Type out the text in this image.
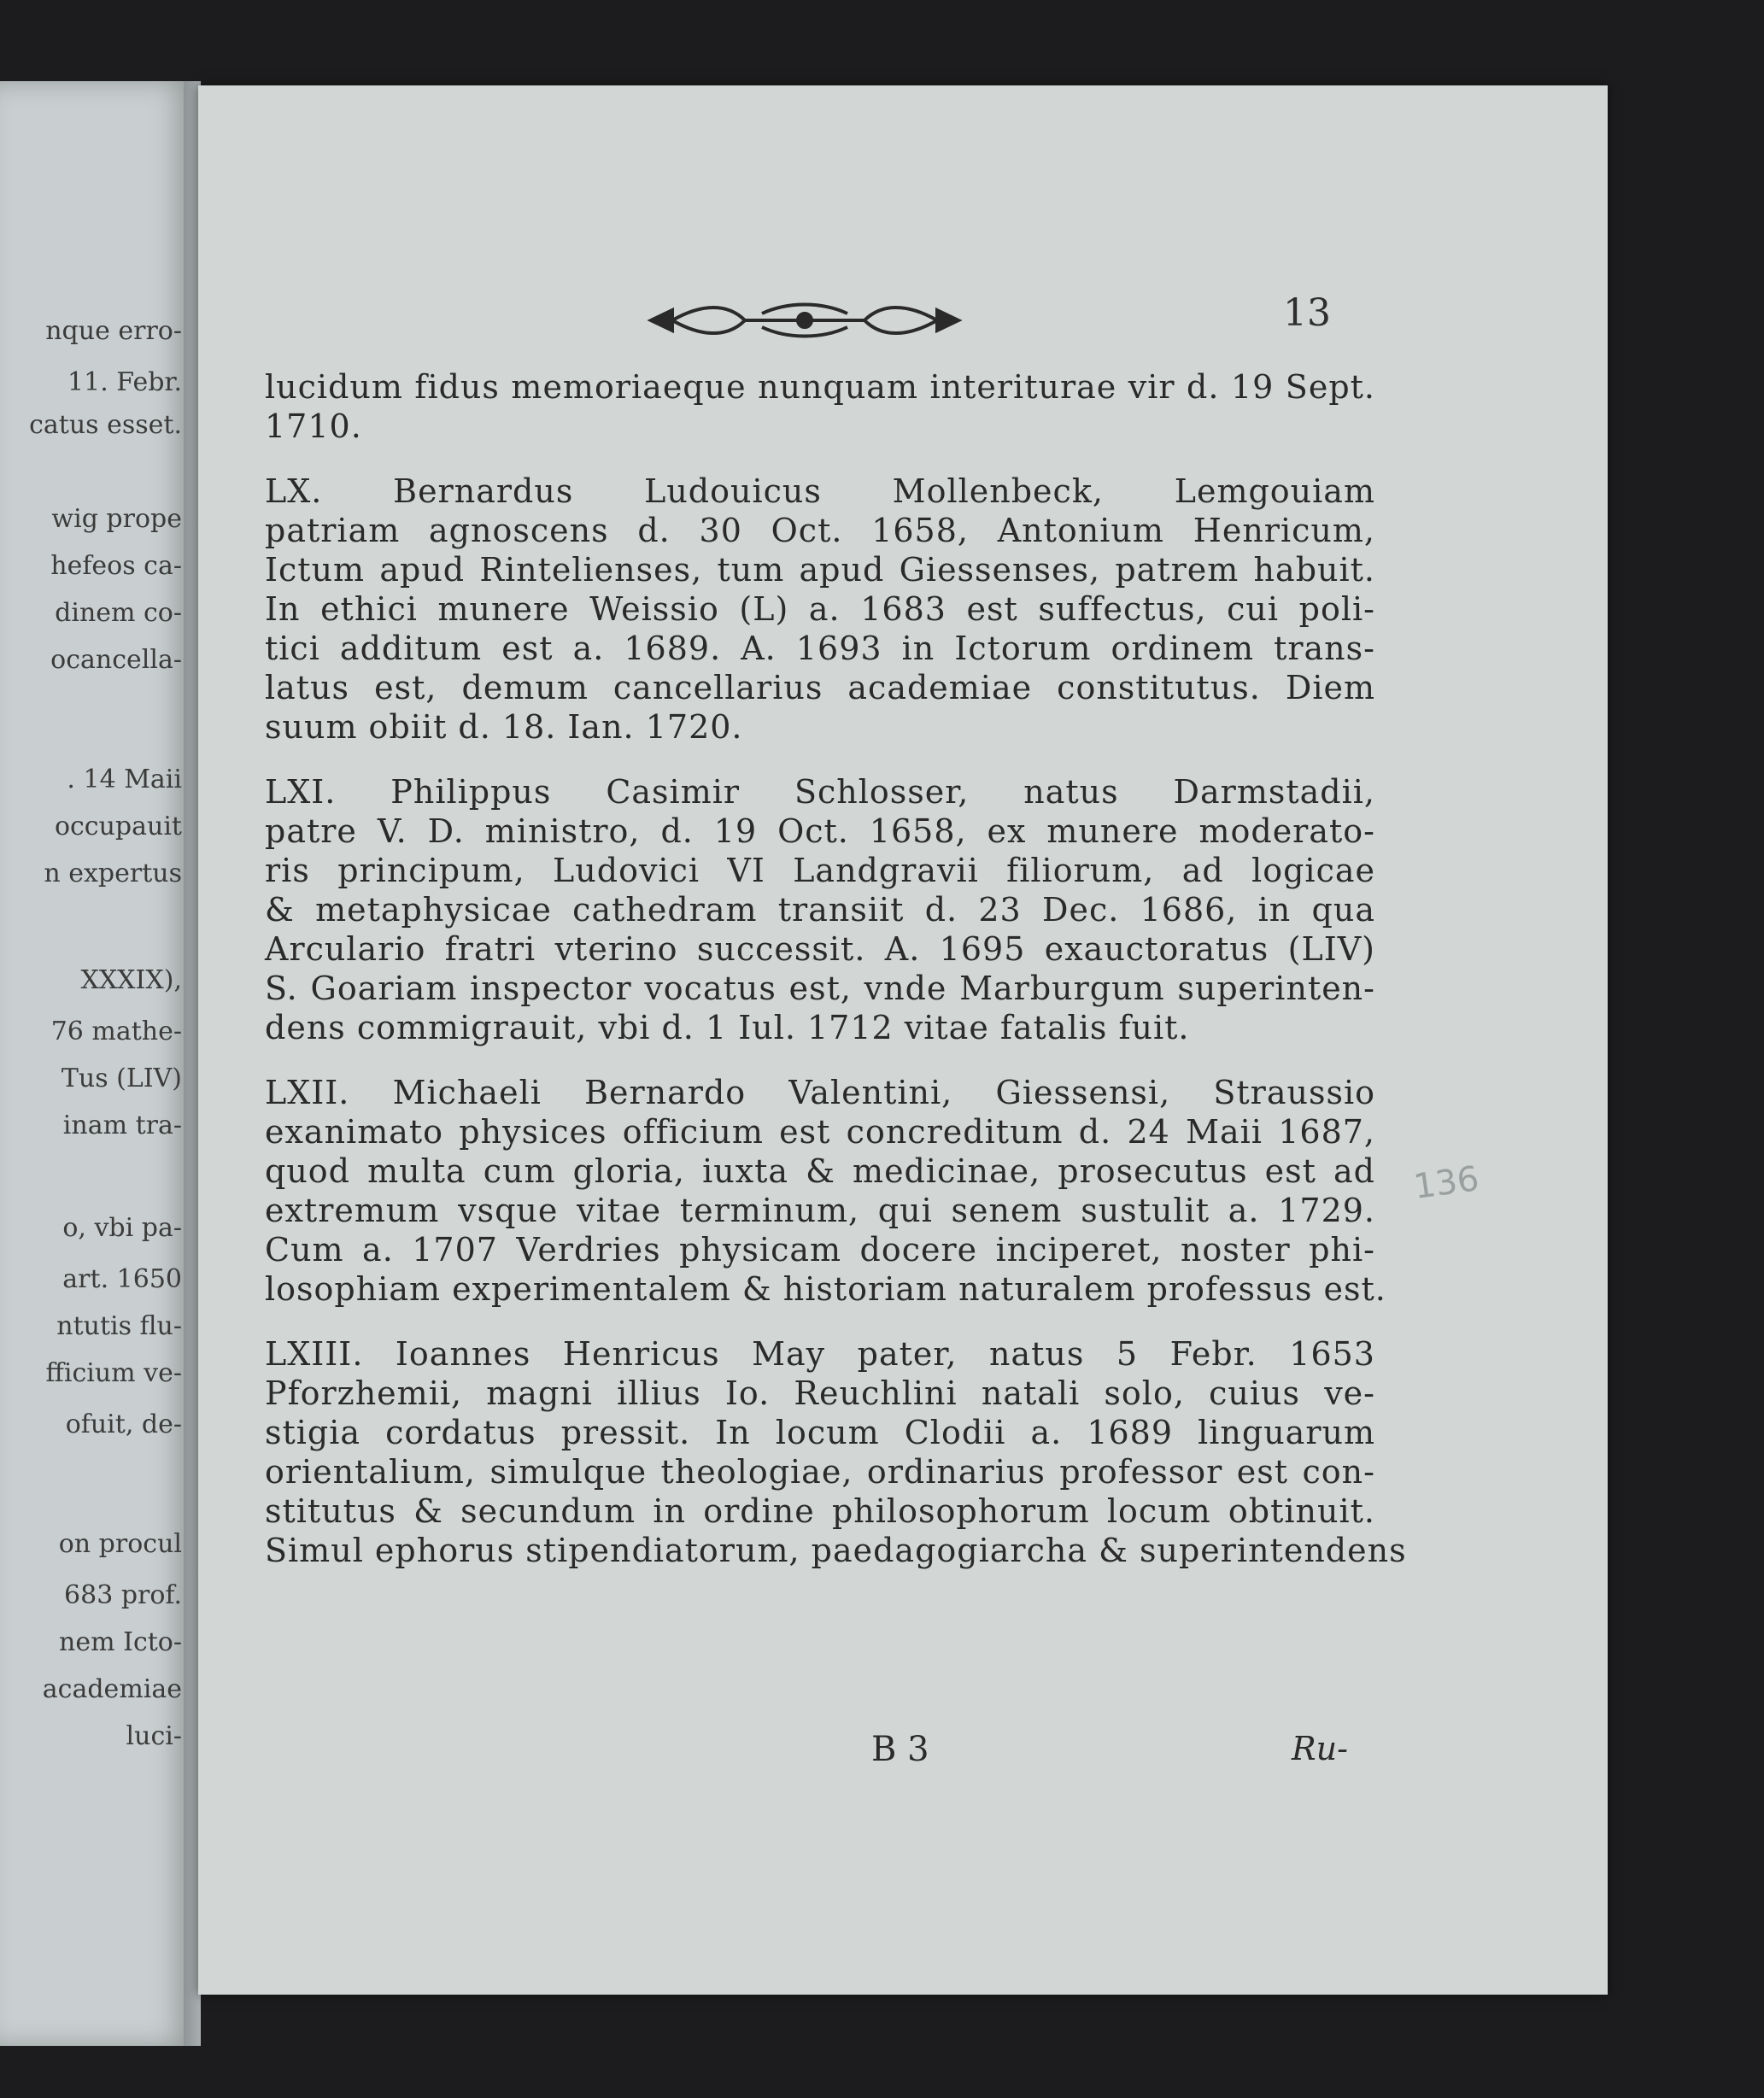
nque erro-
11. Febr.
catus esset.
wig prope
hefeos ca-
dinem co-
ocancella-
. 14 Maii
occupauit
n expertus
XXXIX),
76 mathe-
Tus (LIV)
inam tra-
o, vbi pa-
art. 1650
ntutis flu-
fficium ve-
ofuit, de-
on procul
683 prof.
nem Icto-
academiae
luci-
13
lucidum fidus memoriaeque nunquam interiturae vir d. 19 Sept.
1710.
LX. Bernardus Ludouicus Mollenbeck, Lemgouiam
patriam agnoscens d. 30 Oct. 1658, Antonium Henricum,
Ictum apud Rintelienses, tum apud Giessenses, patrem habuit.
In ethici munere Weissio (L) a. 1683 est suffectus, cui poli-
tici additum est a. 1689. A. 1693 in Ictorum ordinem trans-
latus est, demum cancellarius academiae constitutus. Diem
suum obiit d. 18. Ian. 1720.
LXI. Philippus Casimir Schlosser, natus Darmstadii,
patre V. D. ministro, d. 19 Oct. 1658, ex munere moderato-
ris principum, Ludovici VI Landgravii filiorum, ad logicae
& metaphysicae cathedram transiit d. 23 Dec. 1686, in qua
Arculario fratri vterino successit. A. 1695 exauctoratus (LIV)
S. Goariam inspector vocatus est, vnde Marburgum superinten-
dens commigrauit, vbi d. 1 Iul. 1712 vitae fatalis fuit.
LXII. Michaeli Bernardo Valentini, Giessensi, Straussio
exanimato physices officium est concreditum d. 24 Maii 1687,
quod multa cum gloria, iuxta & medicinae, prosecutus est ad
extremum vsque vitae terminum, qui senem sustulit a. 1729.
Cum a. 1707 Verdries physicam docere inciperet, noster phi-
losophiam experimentalem & historiam naturalem professus est.
LXIII. Ioannes Henricus May pater, natus 5 Febr. 1653
Pforzhemii, magni illius Io. Reuchlini natali solo, cuius ve-
stigia cordatus pressit. In locum Clodii a. 1689 linguarum
orientalium, simulque theologiae, ordinarius professor est con-
stitutus & secundum in ordine philosophorum locum obtinuit.
Simul ephorus stipendiatorum, paedagogiarcha & superintendens
B 3	Ru-
136
